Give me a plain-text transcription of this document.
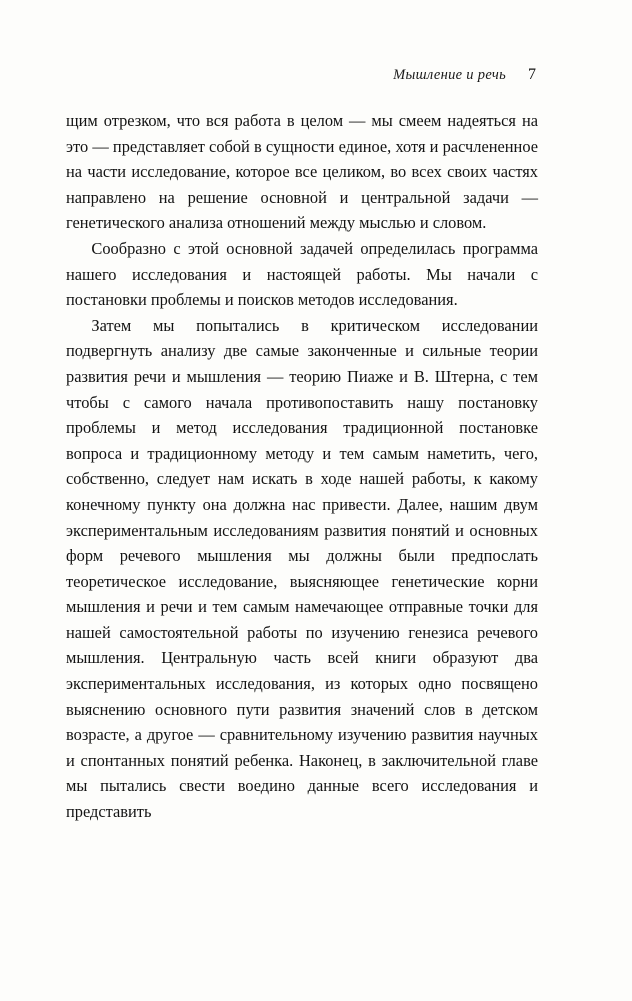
Мышление и речь 7

щим отрезком, что вся работа в целом — мы смеем надеяться на это — представляет собой в сущности единое, хотя и расчлененное на части исследование, которое все целиком, во всех своих частях направлено на решение основной и центральной задачи — генетического анализа отношений между мыслью и словом.

Сообразно с этой основной задачей определилась программа нашего исследования и настоящей работы. Мы начали с постановки проблемы и поисков методов исследования.

Затем мы попытались в критическом исследовании подвергнуть анализу две самые законченные и сильные теории развития речи и мышления — теорию Пиаже и В. Штерна, с тем чтобы с самого начала противопоставить нашу постановку проблемы и метод исследования традиционной постановке вопроса и традиционному методу и тем самым наметить, чего, собственно, следует нам искать в ходе нашей работы, к какому конечному пункту она должна нас привести. Далее, нашим двум экспериментальным исследованиям развития понятий и основных форм речевого мышления мы должны были предпослать теоретическое исследование, выясняющее генетические корни мышления и речи и тем самым намечающее отправные точки для нашей самостоятельной работы по изучению генезиса речевого мышления. Центральную часть всей книги образуют два экспериментальных исследования, из которых одно посвящено выяснению основного пути развития значений слов в детском возрасте, а другое — сравнительному изучению развития научных и спонтанных понятий ребенка. Наконец, в заключительной главе мы пытались свести воедино данные всего исследования и представить
